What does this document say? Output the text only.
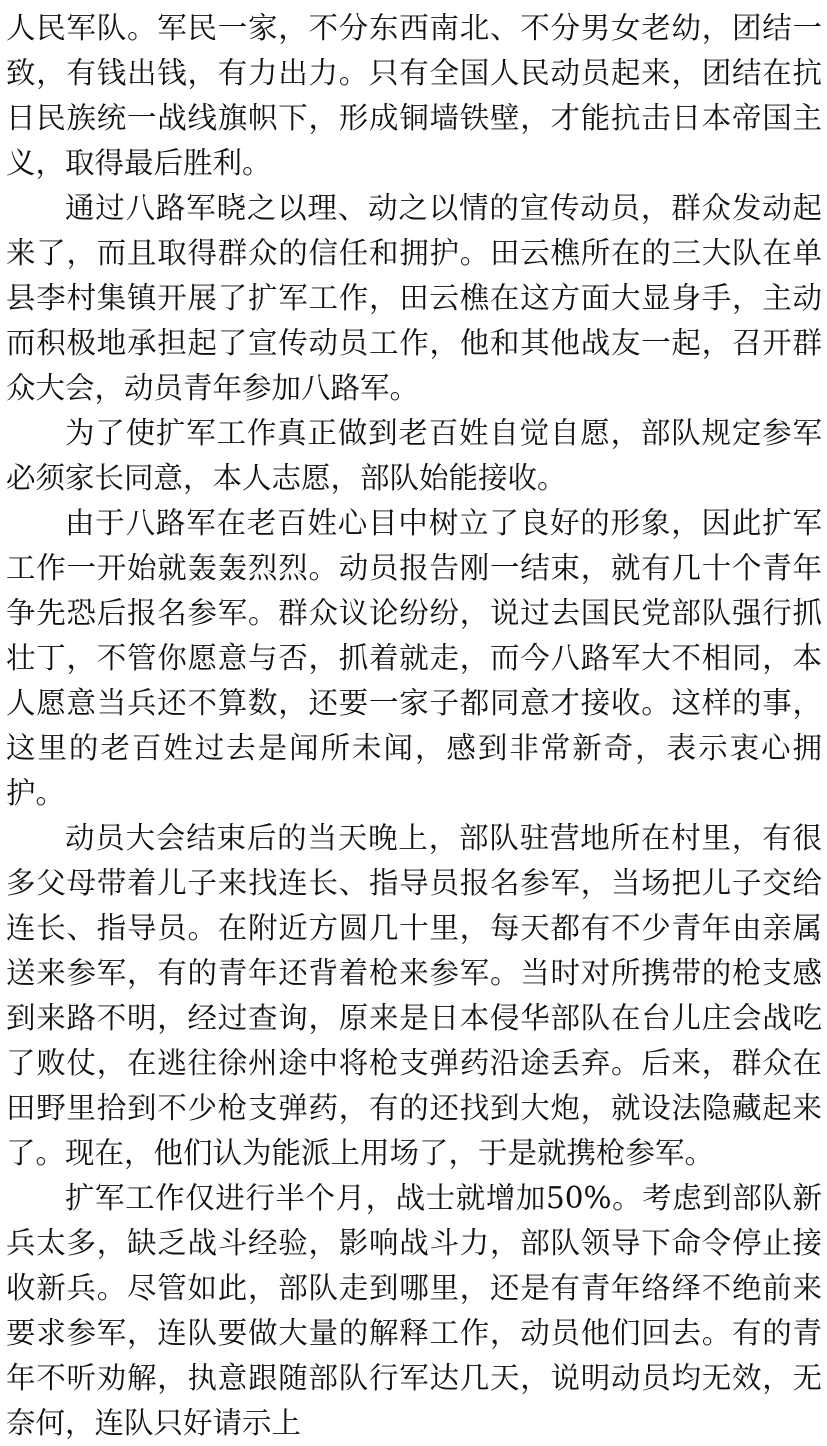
人民军队。军民一家，不分东西南北、不分男女老幼，团结一致，有钱出钱，有力出力。只有全国人民动员起来，团结在抗日民族统一战线旗帜下，形成铜墙铁壁，才能抗击日本帝国主义，取得最后胜利。

通过八路军晓之以理、动之以情的宣传动员，群众发动起来了，而且取得群众的信任和拥护。田云樵所在的三大队在单县李村集镇开展了扩军工作，田云樵在这方面大显身手，主动而积极地承担起了宣传动员工作，他和其他战友一起，召开群众大会，动员青年参加八路军。

为了使扩军工作真正做到老百姓自觉自愿，部队规定参军必须家长同意，本人志愿，部队始能接收。

由于八路军在老百姓心目中树立了良好的形象，因此扩军工作一开始就轰轰烈烈。动员报告刚一结束，就有几十个青年争先恐后报名参军。群众议论纷纷，说过去国民党部队强行抓壮丁，不管你愿意与否，抓着就走，而今八路军大不相同，本人愿意当兵还不算数，还要一家子都同意才接收。这样的事，这里的老百姓过去是闻所未闻，感到非常新奇，表示衷心拥护。

动员大会结束后的当天晚上，部队驻营地所在村里，有很多父母带着儿子来找连长、指导员报名参军，当场把儿子交给连长、指导员。在附近方圆几十里，每天都有不少青年由亲属送来参军，有的青年还背着枪来参军。当时对所携带的枪支感到来路不明，经过查询，原来是日本侵华部队在台儿庄会战吃了败仗，在逃往徐州途中将枪支弹药沿途丢弃。后来，群众在田野里拾到不少枪支弹药，有的还找到大炮，就设法隐藏起来了。现在，他们认为能派上用场了，于是就携枪参军。

扩军工作仅进行半个月，战士就增加50%。考虑到部队新兵太多，缺乏战斗经验，影响战斗力，部队领导下命令停止接收新兵。尽管如此，部队走到哪里，还是有青年络绎不绝前来要求参军，连队要做大量的解释工作，动员他们回去。有的青年不听劝解，执意跟随部队行军达几天，说明动员均无效，无奈何，连队只好请示上
